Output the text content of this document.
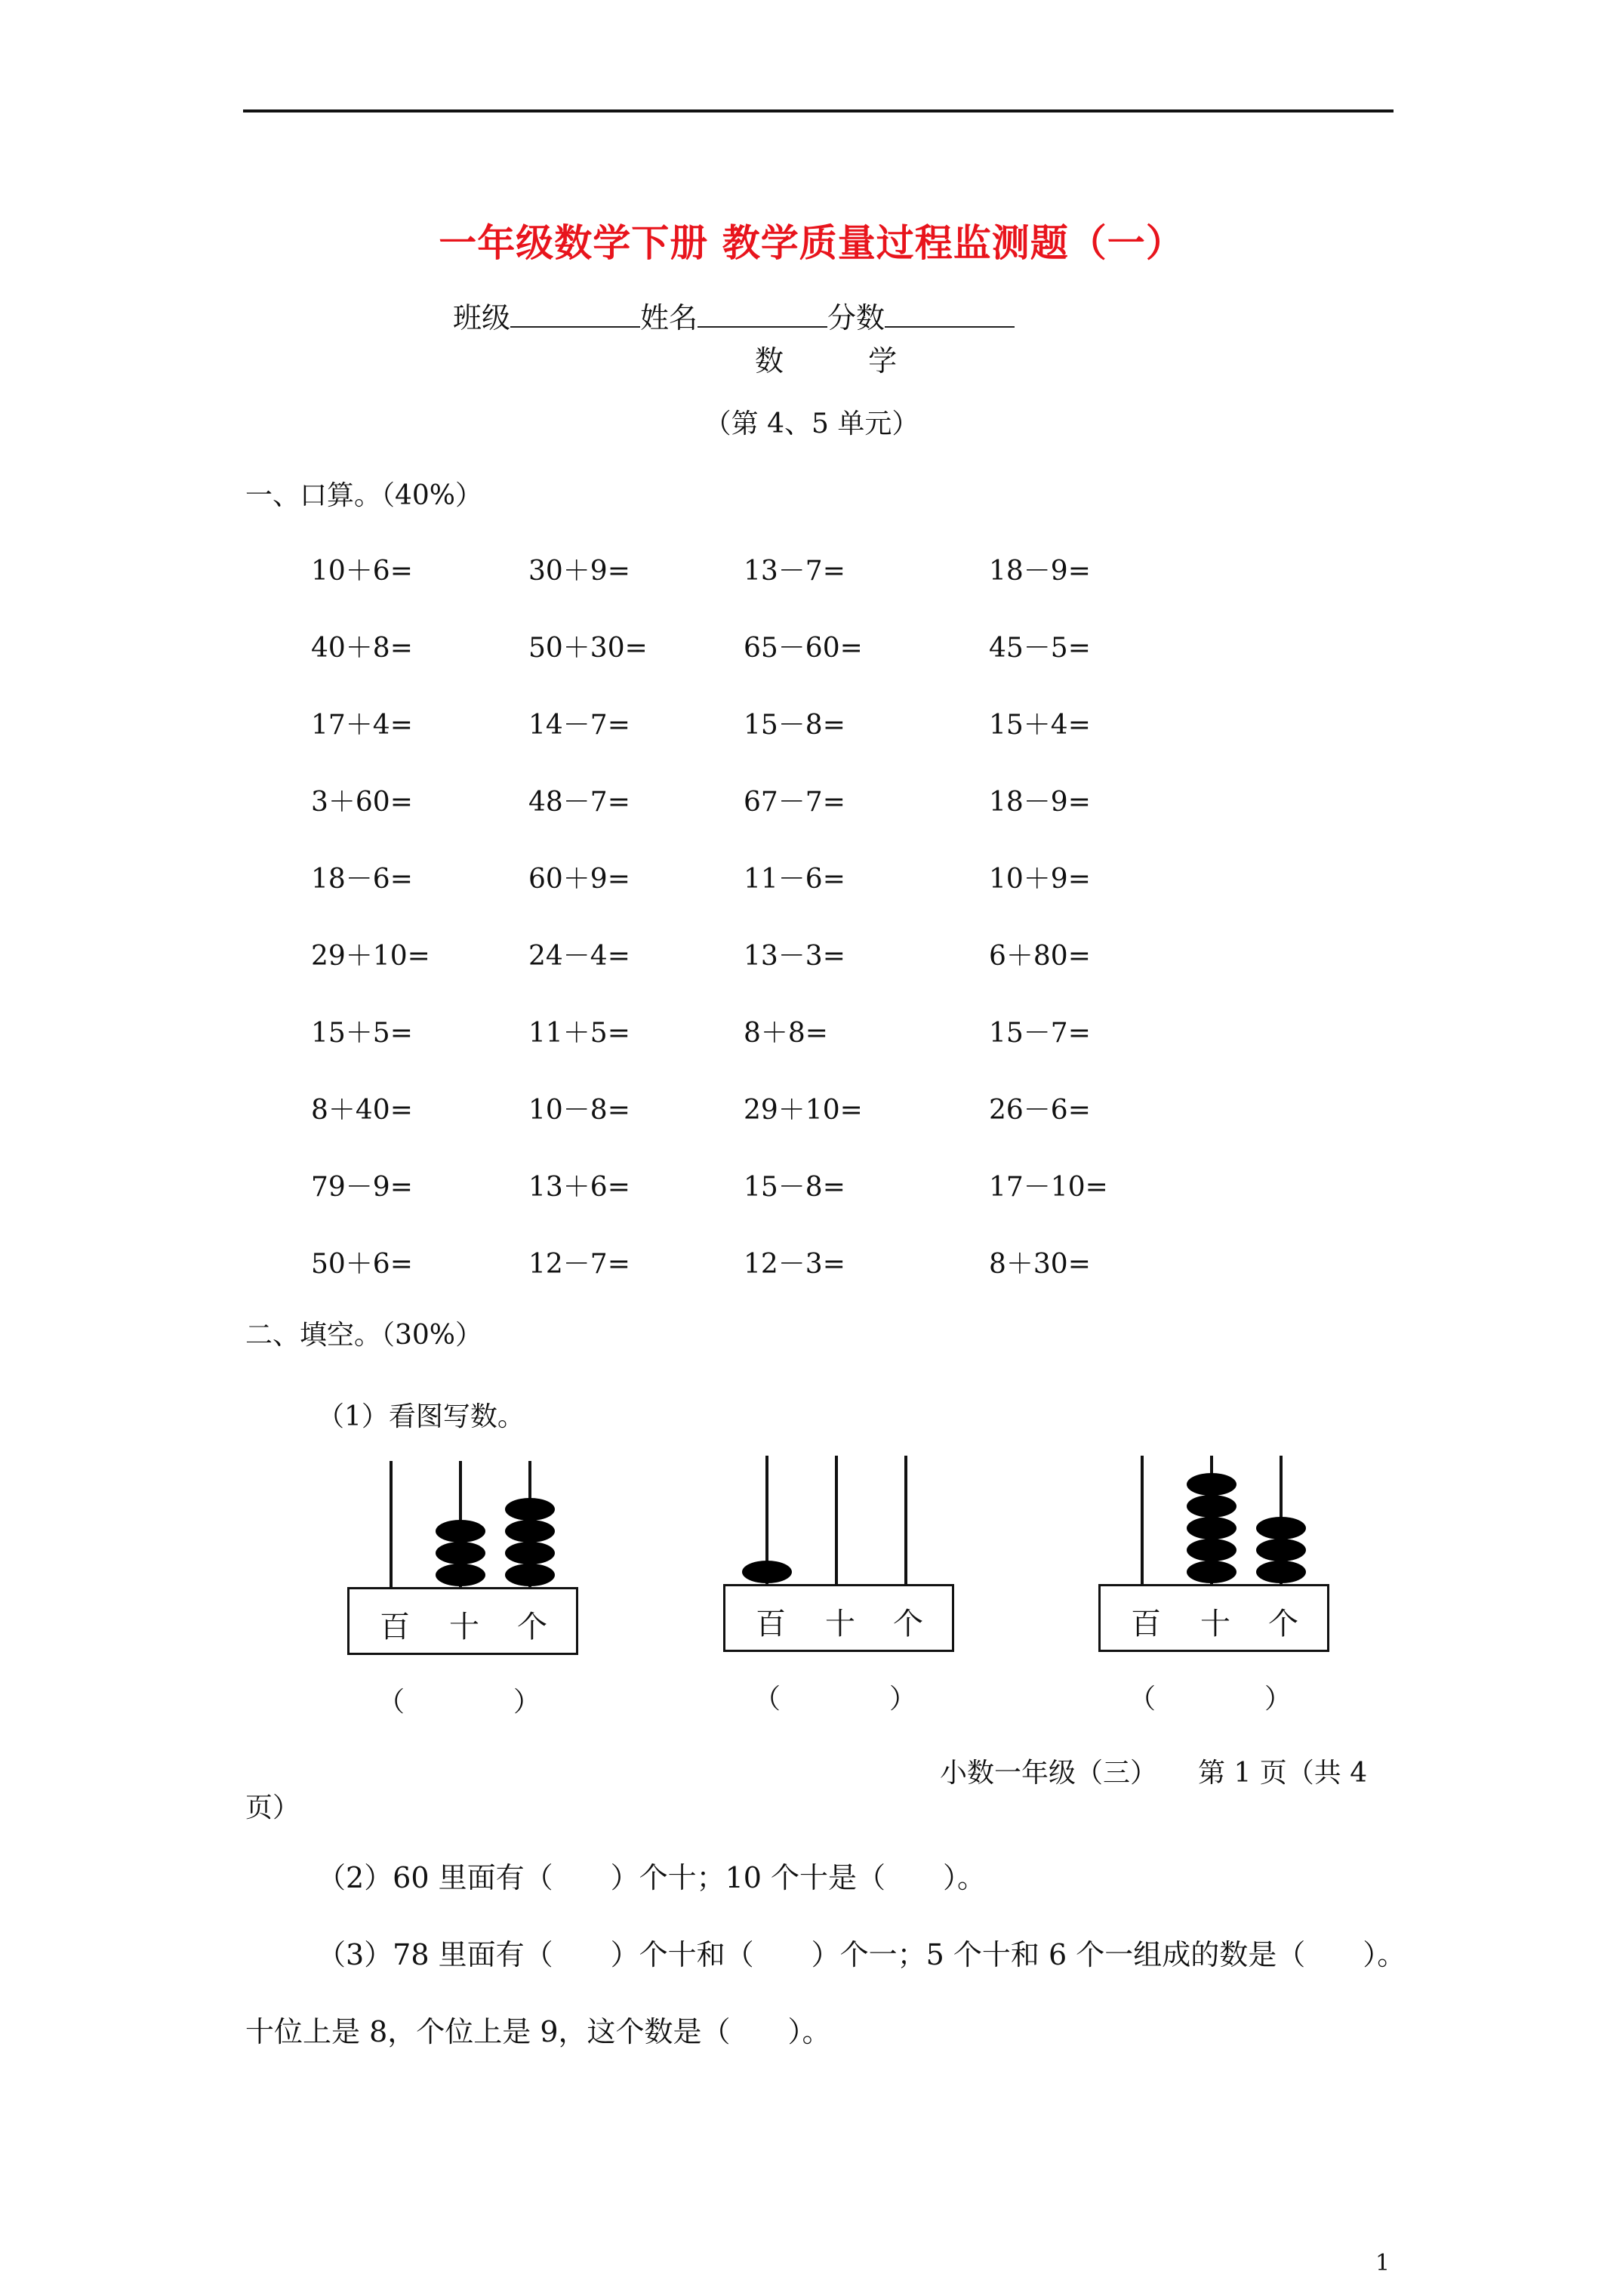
一年级数学下册 教学质量过程监测题（一）
班级	姓名	分数
数 学
（第 4、5 单元）
一、口算。（40%）
10＋6=	30＋9=	13－7=	18－9=
40＋8=	50＋30=	65－60=	45－5=
17＋4=	14－7=	15－8=	15＋4=
3＋60=	48－7=	67－7=	18－9=
18－6=	60＋9=	11－6=	10＋9=
29＋10=	24－4=	13－3=	6＋80=
15＋5=	11＋5=	8＋8=	15－7=
8＋40=	10－8=	29＋10=	26－6=
79－9=	13＋6=	15－8=	17－10=
50＋6=	12－7=	12－3=	8＋30=
二、填空。（30%）
（1）看图写数。
百 十 个
（	）
百 十 个
（	）
百 十 个
（	）
小数一年级（三）　　第 1 页（共 4
页）
（2）60 里面有（　　）个十；10 个十是（　　）。
（3）78 里面有（　　）个十和（　　）个一；5 个十和 6 个一组成的数是（　　）。
十位上是 8，个位上是 9，这个数是（　　）。
1
